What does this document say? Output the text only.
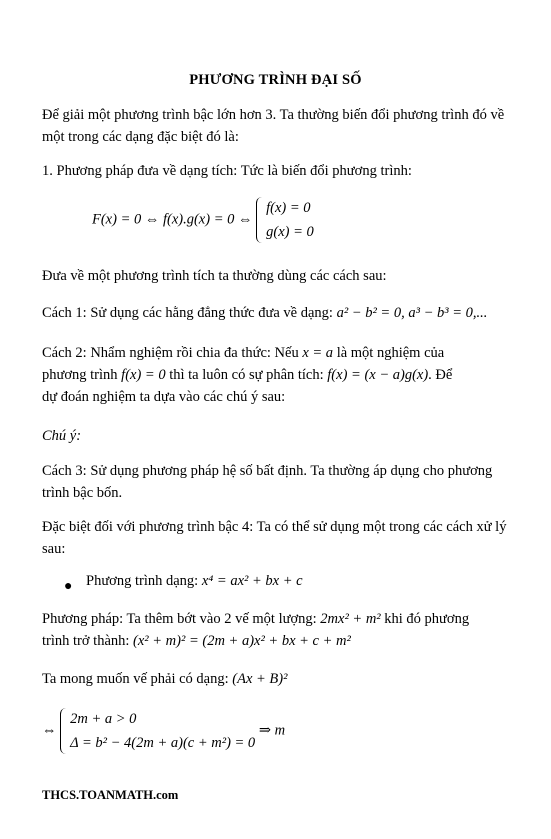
PHƯƠNG TRÌNH ĐẠI SỐ
Để giải một phương trình bậc lớn hơn 3. Ta thường biến đổi phương trình đó về một trong các dạng đặc biệt đó là:
1. Phương pháp đưa về dạng tích: Tức là biến đổi phương trình:
F(x) = 0 ⇔ f(x).g(x) = 0 ⇔
f(x) = 0
g(x) = 0
Đưa về một phương trình tích ta thường dùng các cách sau:
Cách 1: Sử dụng các hằng đẳng thức đưa về dạng: a² − b² = 0, a³ − b³ = 0,...
Cách 2: Nhẩm nghiệm rồi chia đa thức: Nếu x = a là một nghiệm của
phương trình f(x) = 0 thì ta luôn có sự phân tích: f(x) = (x − a)g(x). Để
dự đoán nghiệm ta dựa vào các chú ý sau:
Chú ý:
Cách 3: Sử dụng phương pháp hệ số bất định. Ta thường áp dụng cho phương trình bậc bốn.
Đặc biệt đối với phương trình bậc 4: Ta có thể sử dụng một trong các cách xử lý sau:
● Phương trình dạng: x⁴ = ax² + bx + c
Phương pháp: Ta thêm bớt vào 2 vế một lượng: 2mx² + m² khi đó phương
trình trở thành: (x² + m)² = (2m + a)x² + bx + c + m²
Ta mong muốn vế phải có dạng: (Ax + B)²
⇔
2m + a > 0
Δ = b² − 4(2m + a)(c + m²) = 0
⇒ m
THCS.TOANMATH.com
